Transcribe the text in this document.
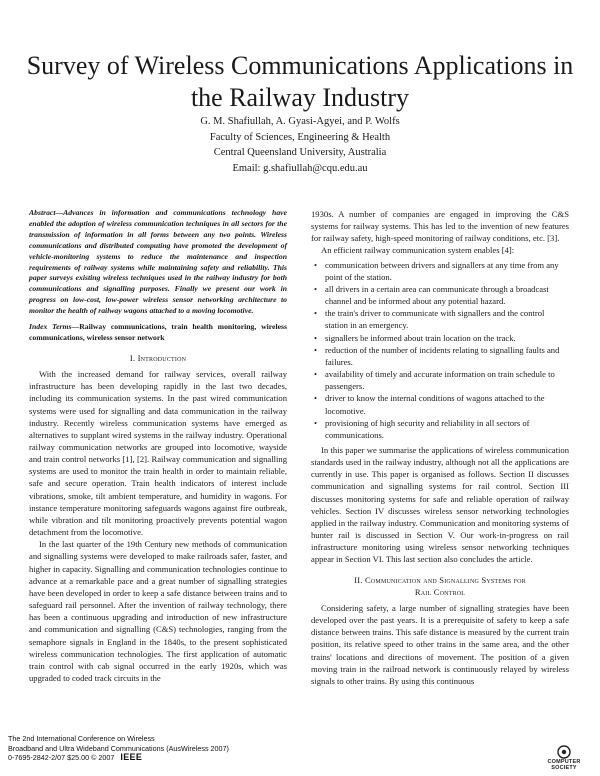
Survey of Wireless Communications Applications in the Railway Industry
G. M. Shafiullah, A. Gyasi-Agyei, and P. Wolfs
Faculty of Sciences, Engineering & Health
Central Queensland University, Australia
Email: g.shafiullah@cqu.edu.au
Abstract—Advances in information and communications technology have enabled the adoption of wireless communication techniques in all sectors for the transmission of information in all forms between any two points. Wireless communications and distributed computing have promoted the development of vehicle-monitoring systems to reduce the maintenance and inspection requirements of railway systems while maintaining safety and reliability. This paper surveys existing wireless techniques used in the railway industry for both communications and signalling purposes. Finally we present our work in progress on low-cost, low-power wireless sensor networking architecture to monitor the health of railway wagons attached to a moving locomotive.
Index Terms—Railway communications, train health monitoring, wireless communications, wireless sensor network
I. Introduction

With the increased demand for railway services, overall railway infrastructure has been developing rapidly in the last two decades, including its communication systems. In the past wired communication systems were used for signalling and data communication in the railway industry. Recently wireless communication systems have emerged as alternatives to supplant wired systems in the railway industry. Operational railway communication networks are grouped into locomotive, wayside and train control networks [1], [2]. Railway communication and signalling systems are used to monitor the train health in order to maintain reliable, safe and secure operation. Train health indicators of interest include vibrations, smoke, tilt ambient temperature, and humidity in wagons. For instance temperature monitoring safeguards wagons against fire outbreak, while vibration and tilt monitoring proactively prevents potential wagon detachment from the locomotive.

In the last quarter of the 19th Century new methods of communication and signalling systems were developed to make railroads safer, faster, and higher in capacity. Signalling and communication technologies continue to advance at a remarkable pace and a great number of signalling strategies have been developed in order to keep a safe distance between trains and to safeguard rail personnel. After the invention of railway technology, there has been a continuous upgrading and introduction of new infrastructure and communication and signalling (C&S) technologies, ranging from the semaphore signals in England in the 1840s, to the present sophisticated wireless communication technologies. The first application of automatic train control with cab signal occurred in the early 1920s, which was upgraded to coded track circuits in the

1930s. A number of companies are engaged in improving the C&S systems for railway systems. This has led to the invention of new features for railway safety, high-speed monitoring of railway conditions, etc. [3].

An efficient railway communication system enables [4]:

• communication between drivers and signallers at any time from any point of the station.
• all drivers in a certain area can communicate through a broadcast channel and be informed about any potential hazard.
• the train's driver to communicate with signallers and the control station in an emergency.
• signallers be informed about train location on the track.
• reduction of the number of incidents relating to signalling faults and failures.
• availability of timely and accurate information on train schedule to passengers.
• driver to know the internal conditions of wagons attached to the locomotive.
• provisioning of high security and reliability in all sectors of communications.

In this paper we summarise the applications of wireless communication standards used in the railway industry, although not all the applications are currently in use. This paper is organised as follows. Section II discusses communication and signalling systems for rail control. Section III discusses monitoring systems for safe and reliable operation of railway vehicles. Section IV discusses wireless sensor networking technologies applied in the railway industry. Communication and monitoring systems of hunter rail is discussed in Section V. Our work-in-progress on rail infrastructure monitoring using wireless sensor networking techniques appear in Section VI. This last section also concludes the article.

II. Communication and Signalling Systems for
Rail Control

Considering safety, a large number of signalling strategies have been developed over the past years. It is a prerequisite of safety to keep a safe distance between trains. This safe distance is measured by the current train position, its relative speed to other trains in the same area, and the other trains' locations and directions of movement. The position of a given moving train in the railroad network is continuously relayed by wireless signals to other trains. By using this continuous

The 2nd International Conference on Wireless
Broadband and Ultra Wideband Communications (AusWireless 2007)
0-7695-2842-2/07 $25.00 © 2007 IEEE	COMPUTER
SOCIETY
